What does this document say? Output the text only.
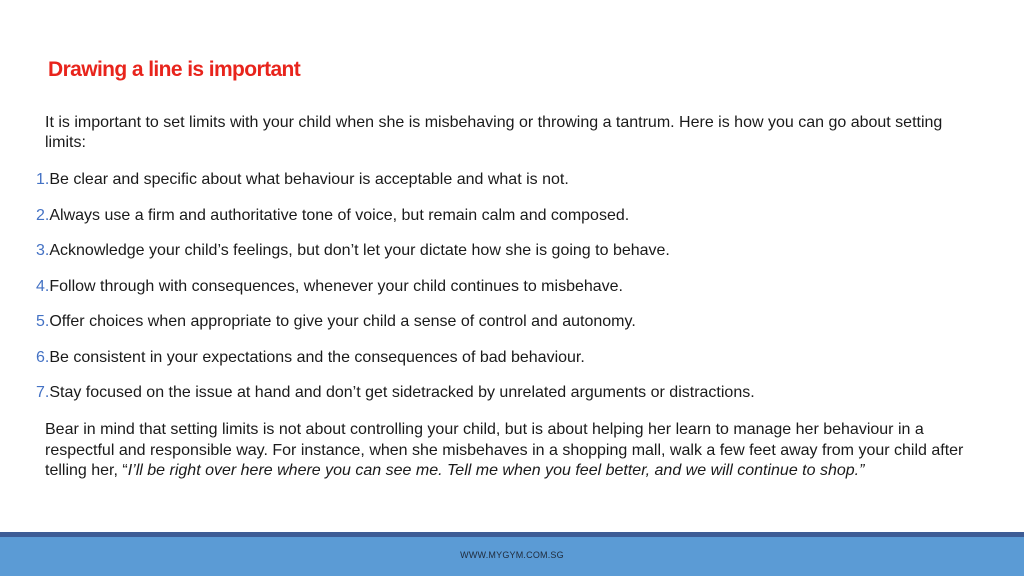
Drawing a line is important

It is important to set limits with your child when she is misbehaving or throwing a tantrum. Here is how you can go about setting limits:

1.Be clear and specific about what behaviour is acceptable and what is not.
2.Always use a firm and authoritative tone of voice, but remain calm and composed.
3.Acknowledge your child’s feelings, but don’t let your dictate how she is going to behave.
4.Follow through with consequences, whenever your child continues to misbehave.
5.Offer choices when appropriate to give your child a sense of control and autonomy.
6.Be consistent in your expectations and the consequences of bad behaviour.
7.Stay focused on the issue at hand and don’t get sidetracked by unrelated arguments or distractions.

Bear in mind that setting limits is not about controlling your child, but is about helping her learn to manage her behaviour in a respectful and responsible way. For instance, when she misbehaves in a shopping mall, walk a few feet away from your child after telling her, “I’ll be right over here where you can see me. Tell me when you feel better, and we will continue to shop.”

WWW.MYGYM.COM.SG
